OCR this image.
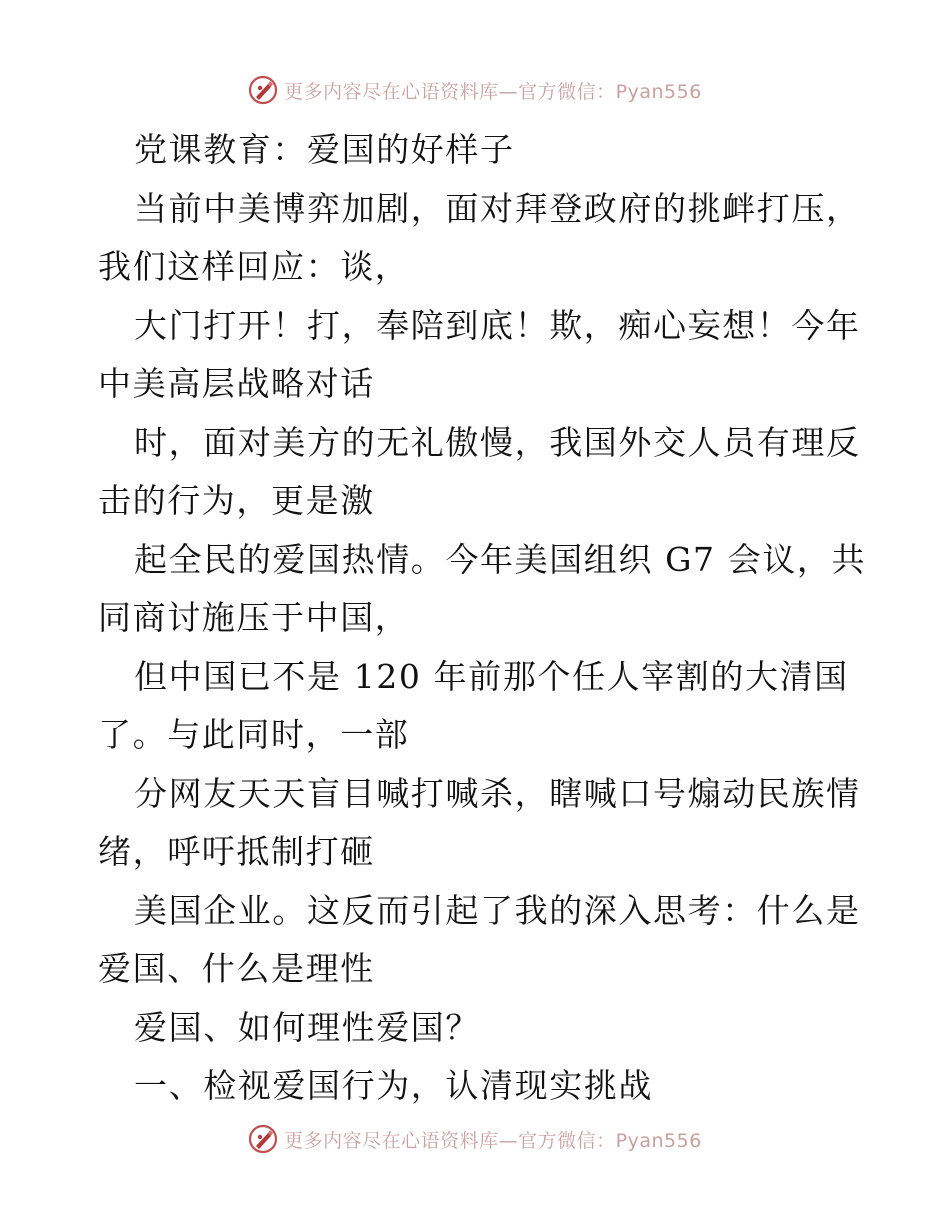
更多内容尽在心语资料库—官方微信：Pyan556
党课教育：爱国的好样子
当前中美博弈加剧，面对拜登政府的挑衅打压，
我们这样回应：谈，
大门打开！打，奉陪到底！欺，痴心妄想！今年
中美高层战略对话
时，面对美方的无礼傲慢，我国外交人员有理反
击的行为，更是激
起全民的爱国热情。今年美国组织 G7 会议，共
同商讨施压于中国，
但中国已不是 120 年前那个任人宰割的大清国
了。与此同时，一部
分网友天天盲目喊打喊杀，瞎喊口号煽动民族情
绪，呼吁抵制打砸
美国企业。这反而引起了我的深入思考：什么是
爱国、什么是理性
爱国、如何理性爱国？
一、检视爱国行为，认清现实挑战
更多内容尽在心语资料库—官方微信：Pyan556
